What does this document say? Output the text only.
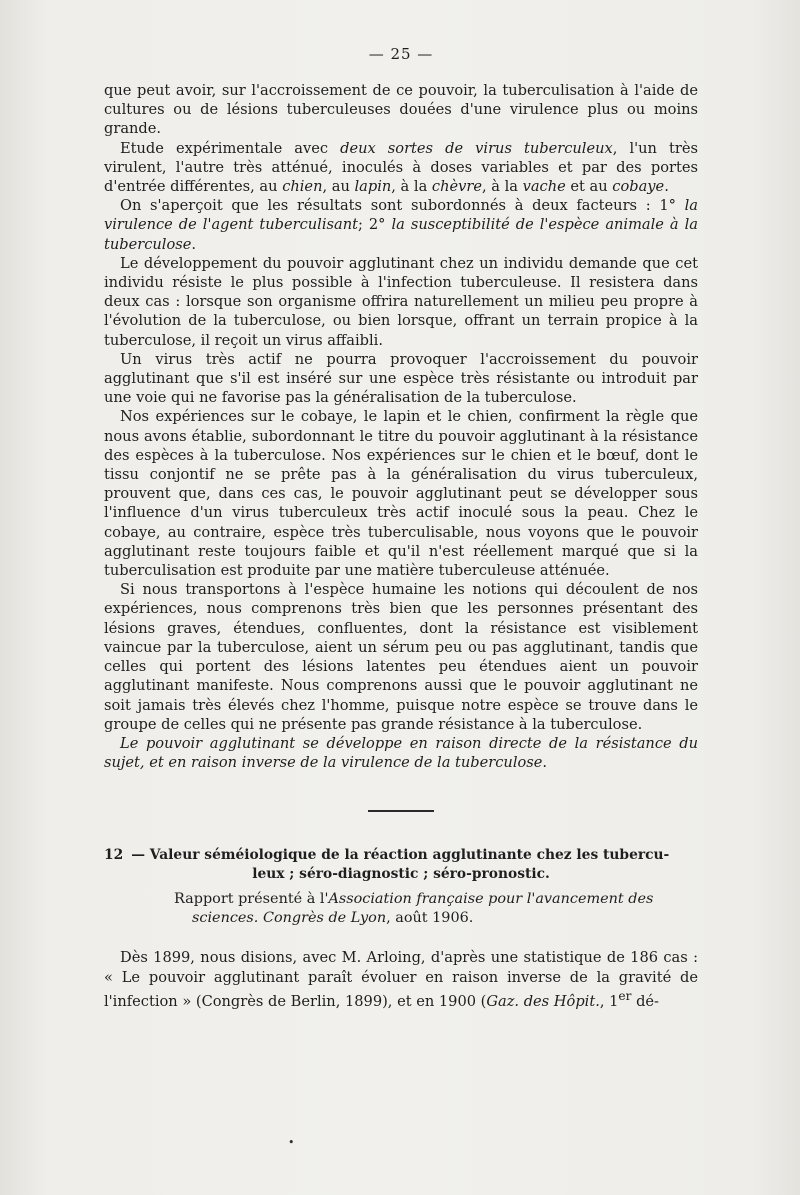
— 25 —

que peut avoir, sur l'accroissement de ce pouvoir, la tuberculisation à l'aide de cultures ou de lésions tuberculeuses douées d'une virulence plus ou moins grande.

Etude expérimentale avec deux sortes de virus tuberculeux, l'un très virulent, l'autre très atténué, inoculés à doses variables et par des portes d'entrée différentes, au chien, au lapin, à la chèvre, à la vache et au cobaye.

On s'aperçoit que les résultats sont subordonnés à deux facteurs : 1° la virulence de l'agent tuberculisant; 2° la susceptibilité de l'espèce animale à la tuberculose.

Le développement du pouvoir agglutinant chez un individu demande que cet individu résiste le plus possible à l'infection tuberculeuse. Il resistera dans deux cas : lorsque son organisme offrira naturellement un milieu peu propre à l'évolution de la tuberculose, ou bien lorsque, offrant un terrain propice à la tuberculose, il reçoit un virus affaibli.

Un virus très actif ne pourra provoquer l'accroissement du pouvoir agglutinant que s'il est inséré sur une espèce très résistante ou introduit par une voie qui ne favorise pas la généralisation de la tuberculose.

Nos expériences sur le cobaye, le lapin et le chien, confirment la règle que nous avons établie, subordonnant le titre du pouvoir agglutinant à la résistance des espèces à la tuberculose. Nos expériences sur le chien et le bœuf, dont le tissu conjontif ne se prête pas à la généralisation du virus tuberculeux, prouvent que, dans ces cas, le pouvoir agglutinant peut se développer sous l'influence d'un virus tuberculeux très actif inoculé sous la peau. Chez le cobaye, au contraire, espèce très tuberculisable, nous voyons que le pouvoir agglutinant reste toujours faible et qu'il n'est réellement marqué que si la tuberculisation est produite par une matière tuberculeuse atténuée.

Si nous transportons à l'espèce humaine les notions qui découlent de nos expériences, nous comprenons très bien que les personnes présentant des lésions graves, étendues, confluentes, dont la résistance est visiblement vaincue par la tuberculose, aient un sérum peu ou pas agglutinant, tandis que celles qui portent des lésions latentes peu étendues aient un pouvoir agglutinant manifeste. Nous comprenons aussi que le pouvoir agglutinant ne soit jamais très élevés chez l'homme, puisque notre espèce se trouve dans le groupe de celles qui ne présente pas grande résistance à la tuberculose.

Le pouvoir agglutinant se développe en raison directe de la résistance du sujet, et en raison inverse de la virulence de la tuberculose.

12 — Valeur séméiologique de la réaction agglutinante chez les tubercu-
leux ; séro-diagnostic ; séro-pronostic.
Rapport présenté à l'Association française pour l'avancement des
sciences. Congrès de Lyon, août 1906.

Dès 1899, nous disions, avec M. Arloing, d'après une statistique de 186 cas : « Le pouvoir agglutinant paraît évoluer en raison inverse de la gravité de l'infection » (Congrès de Berlin, 1899), et en 1900 (Gaz. des Hôpit., 1er dé-

•
